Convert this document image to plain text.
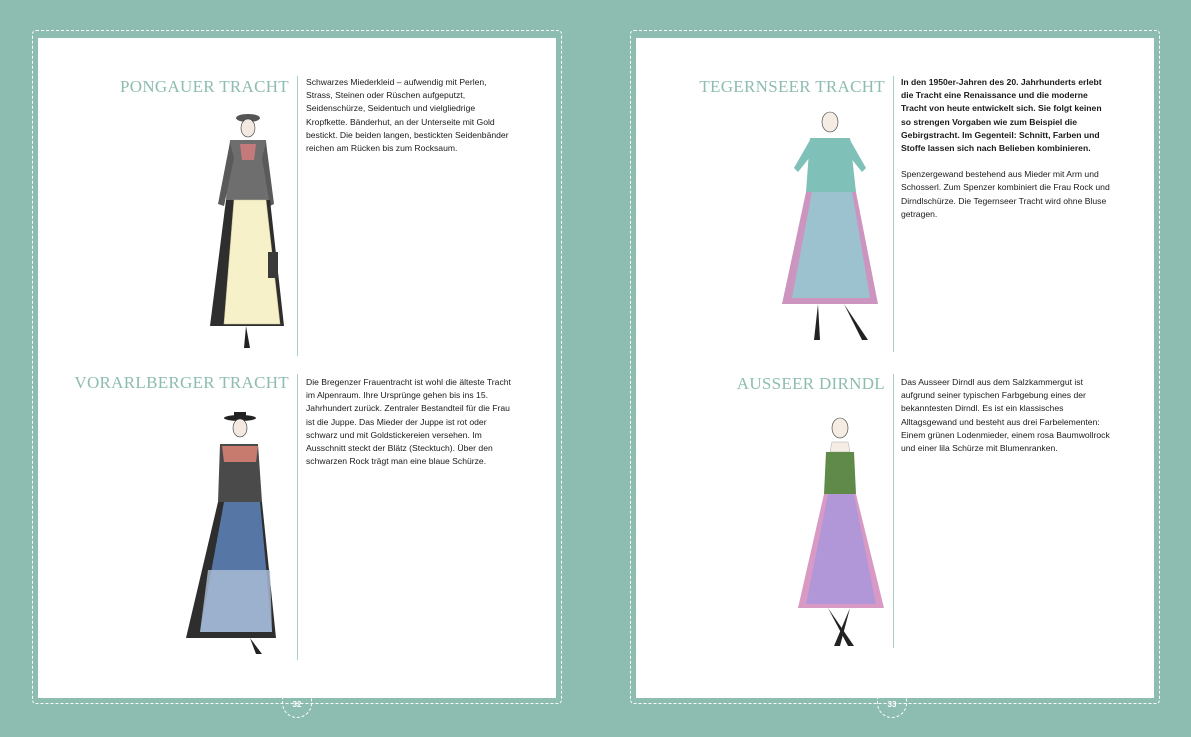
32
PONGAUER TRACHT Schwarzes Miederkleid – aufwendig mit Perlen, Strass, Steinen oder Rüschen aufgeputzt, Seidenschürze, Seidentuch und vielgliedrige Kropfkette. Bänderhut, an der Unterseite mit Gold bestickt. Die beiden langen, bestickten Seidenbänder reichen am Rücken bis zum Rocksaum.

VORARLBERGER TRACHT Die Bregenzer Frauentracht ist wohl die älteste Tracht im Alpenraum. Ihre Ursprünge gehen bis ins 15. Jahrhundert zurück. Zentraler Bestandteil für die Frau ist die Juppe. Das Mieder der Juppe ist rot oder schwarz und mit Goldstickereien versehen. Im Ausschnitt steckt der Blätz (Stecktuch). Über den schwarzen Rock trägt man eine blaue Schürze.

33
TEGERNSEER TRACHT In den 1950er-Jahren des 20. Jahrhunderts erlebt die Tracht eine Renaissance und die moderne Tracht von heute entwickelt sich. Sie folgt keinen so strengen Vorgaben wie zum Beispiel die Gebirgstracht. Im Gegenteil: Schnitt, Farben und Stoffe lassen sich nach Belieben kombinieren.

Spenzergewand bestehend aus Mieder mit Arm und Schosserl. Zum Spenzer kombiniert die Frau Rock und Dirndlschürze. Die Tegernseer Tracht wird ohne Bluse getragen.

AUSSEER DIRNDL Das Ausseer Dirndl aus dem Salzkammergut ist aufgrund seiner typischen Farbgebung eines der bekanntesten Dirndl. Es ist ein klassisches Alltagsgewand und besteht aus drei Farbelementen: Einem grünen Lodenmieder, einem rosa Baumwollrock und einer lila Schürze mit Blumenranken.
